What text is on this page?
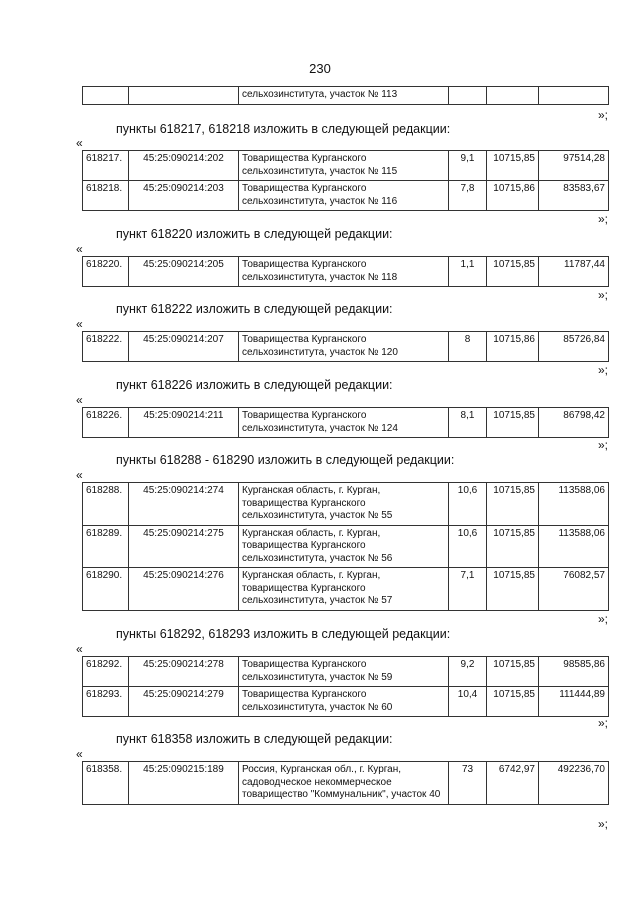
230
		сельхозинститута, участок № 113			
»;
пункты 618217, 618218 изложить в следующей редакции:
«
618217.	45:25:090214:202	Товарищества Курганского сельхозинститута, участок № 115	9,1	10715,85	97514,28
618218.	45:25:090214:203	Товарищества Курганского сельхозинститута, участок № 116	7,8	10715,86	83583,67
»;
пункт 618220 изложить в следующей редакции:
«
618220.	45:25:090214:205	Товарищества Курганского сельхозинститута, участок № 118	1,1	10715,85	11787,44
»;
пункт 618222 изложить в следующей редакции:
«
618222.	45:25:090214:207	Товарищества Курганского сельхозинститута, участок № 120	8	10715,86	85726,84
»;
пункт 618226 изложить в следующей редакции:
«
618226.	45:25:090214:211	Товарищества Курганского сельхозинститута, участок № 124	8,1	10715,85	86798,42
»;
пункты 618288 - 618290 изложить в следующей редакции:
«
618288.	45:25:090214:274	Курганская область, г. Курган, товарищества Курганского сельхозинститута, участок № 55	10,6	10715,85	113588,06
618289.	45:25:090214:275	Курганская область, г. Курган, товарищества Курганского сельхозинститута, участок № 56	10,6	10715,85	113588,06
618290.	45:25:090214:276	Курганская область, г. Курган, товарищества Курганского сельхозинститута, участок № 57	7,1	10715,85	76082,57
»;
пункты 618292, 618293 изложить в следующей редакции:
«
618292.	45:25:090214:278	Товарищества Курганского сельхозинститута, участок № 59	9,2	10715,85	98585,86
618293.	45:25:090214:279	Товарищества Курганского сельхозинститута, участок № 60	10,4	10715,85	111444,89
»;
пункт 618358 изложить в следующей редакции:
«
618358.	45:25:090215:189	Россия, Курганская обл., г. Курган, садоводческое некоммерческое товарищество "Коммунальник", участок 40	73	6742,97	492236,70
»;
